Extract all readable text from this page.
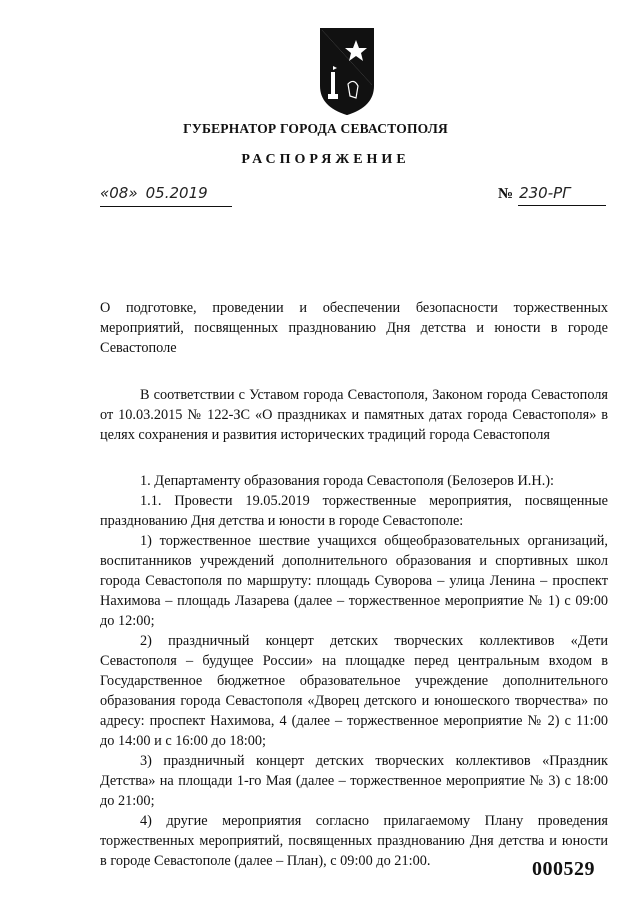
ГУБЕРНАТОР ГОРОДА СЕВАСТОПОЛЯ
РАСПОРЯЖЕНИЕ
«08» 05.2019	№ 230-РГ
О подготовке, проведении и обеспечении безопасности торжественных мероприятий, посвященных празднованию Дня детства и юности в городе Севастополе

В соответствии с Уставом города Севастополя, Законом города Севастополя от 10.03.2015 № 122-ЗС «О праздниках и памятных датах города Севастополя» в целях сохранения и развития исторических традиций города Севастополя

1. Департаменту образования города Севастополя (Белозеров И.Н.):

1.1. Провести 19.05.2019 торжественные мероприятия, посвященные празднованию Дня детства и юности в городе Севастополе:

1) торжественное шествие учащихся общеобразовательных организаций, воспитанников учреждений дополнительного образования и спортивных школ города Севастополя по маршруту: площадь Суворова – улица Ленина – проспект Нахимова – площадь Лазарева (далее – торжественное мероприятие № 1) с 09:00 до 12:00;

2) праздничный концерт детских творческих коллективов «Дети Севастополя – будущее России» на площадке перед центральным входом в Государственное бюджетное образовательное учреждение дополнительного образования города Севастополя «Дворец детского и юношеского творчества» по адресу: проспект Нахимова, 4 (далее – торжественное мероприятие № 2) с 11:00 до 14:00 и с 16:00 до 18:00;

3) праздничный концерт детских творческих коллективов «Праздник Детства» на площади 1-го Мая (далее – торжественное мероприятие № 3) с 18:00 до 21:00;

4) другие мероприятия согласно прилагаемому Плану проведения торжественных мероприятий, посвященных празднованию Дня детства и юности в городе Севастополе (далее – План), с 09:00 до 21:00.	000529
